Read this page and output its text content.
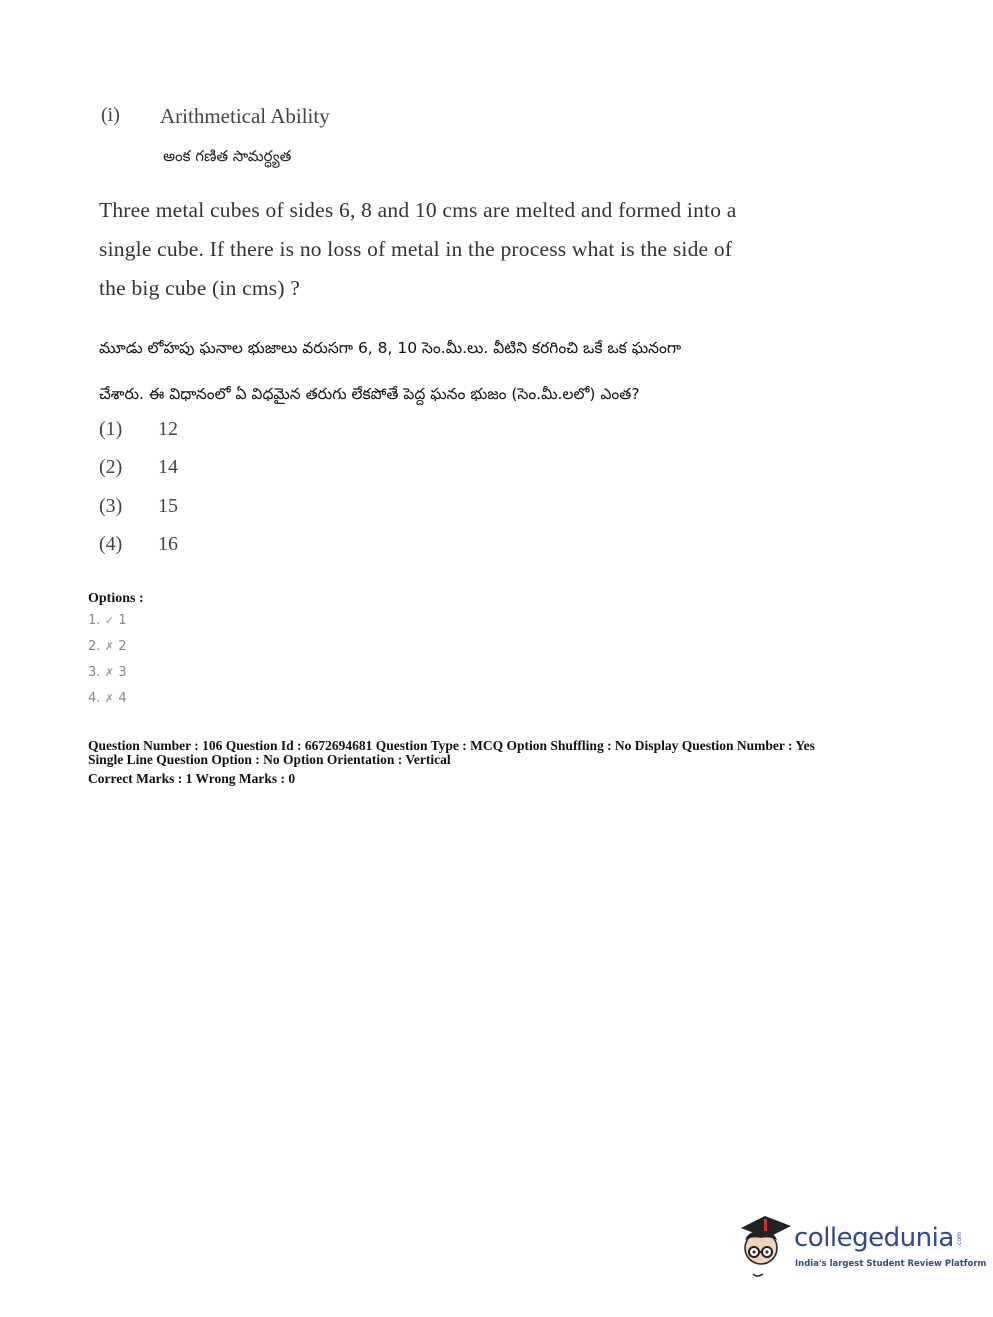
(i) Arithmetical Ability
అంక గణిత సామర్ధ్యత
Three metal cubes of sides 6, 8 and 10 cms are melted and formed into a
single cube. If there is no loss of metal in the process what is the side of
the big cube (in cms) ?
మూడు లోహపు ఘనాల భుజాలు వరుసగా 6, 8, 10 సెం.మీ.లు. వీటిని కరగించి ఒకే ఒక ఘనంగా
చేశారు. ఈ విధానంలో ఏ విధమైన తరుగు లేకపోతే పెద్ద ఘనం భుజం (సెం.మీ.లలో) ఎంత?
(1) 12
(2) 14
(3) 15
(4) 16
Options :
1. ✓ 1
2. ✗ 2
3. ✗ 3
4. ✗ 4
Question Number : 106 Question Id : 6672694681 Question Type : MCQ Option Shuffling : No Display Question Number : Yes
Single Line Question Option : No Option Orientation : Vertical
Correct Marks : 1 Wrong Marks : 0
collegedunia .com
India's largest Student Review Platform
